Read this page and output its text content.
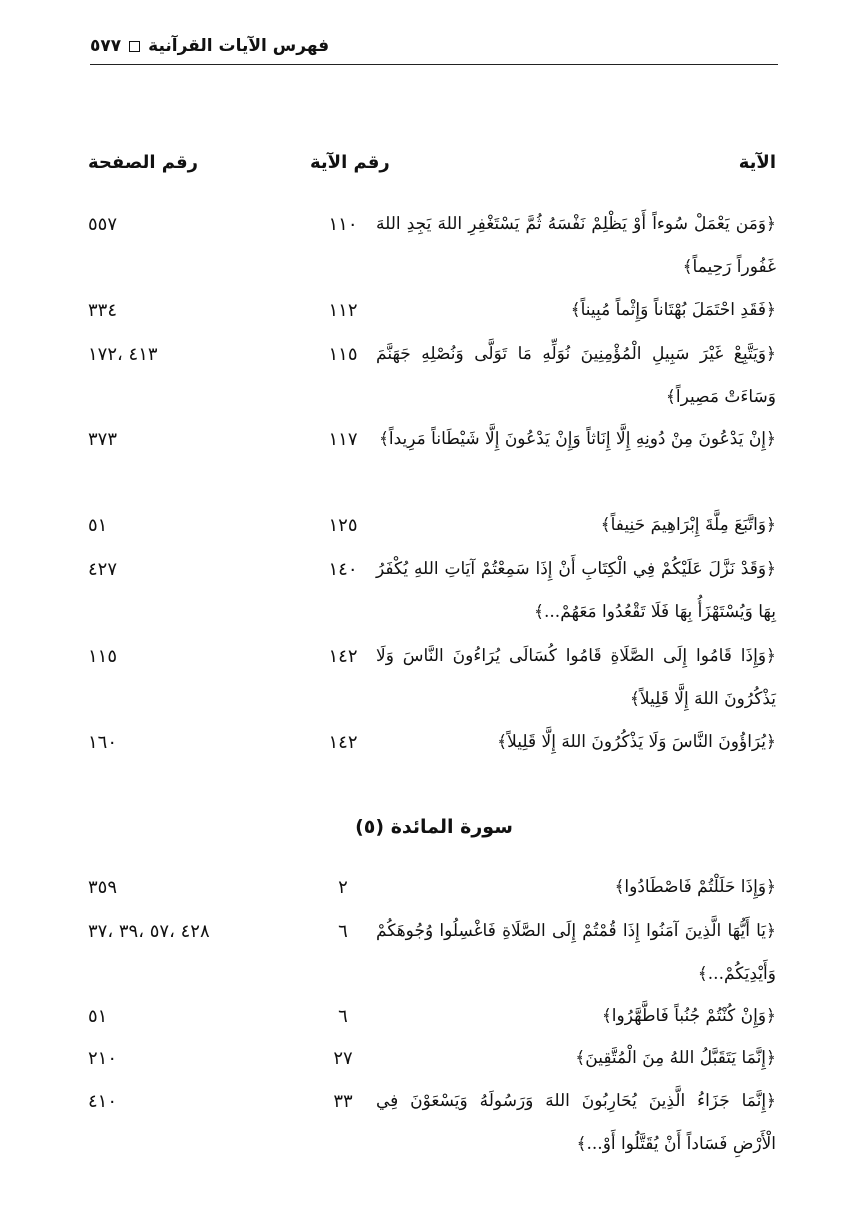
فهرس الآيات القرآنية٥٧٧
الآية
رقم الآية
رقم الصفحة
﴿وَمَن يَعْمَلْ سُوءاً أَوْ يَظْلِمْ نَفْسَهُ ثُمَّ يَسْتَغْفِرِ اللهَ يَجِدِ اللهَ غَفُوراً رَحِيماً﴾
١١٠
٥٥٧
﴿فَقَدِ احْتَمَلَ بُهْتَاناً وَإِثْماً مُبِيناً﴾
١١٢
٣٣٤
﴿وَيَتَّبِعْ غَيْرَ سَبِيلِ الْمُؤْمِنِينَ نُوَلِّهِ مَا تَوَلَّى وَنُصْلِهِ جَهَنَّمَ وَسَاءَتْ مَصِيراً﴾
١١٥
٤١٣ ،١٧٢
﴿إِنْ يَدْعُونَ مِنْ دُونِهِ إِلَّا إِنَاثاً وَإِنْ يَدْعُونَ إِلَّا شَيْطَاناً مَرِيداً﴾
١١٧
٣٧٣
﴿وَاتَّبَعَ مِلَّةَ إِبْرَاهِيمَ حَنِيفاً﴾
١٢٥
٥١
﴿وَقَدْ نَزَّلَ عَلَيْكُمْ فِي الْكِتَابِ أَنْ إِذَا سَمِعْتُمْ آيَاتِ اللهِ يُكْفَرُ بِهَا وَيُسْتَهْزَأُ بِهَا فَلَا تَقْعُدُوا مَعَهُمْ...﴾
١٤٠
٤٢٧
﴿وَإِذَا قَامُوا إِلَى الصَّلَاةِ قَامُوا كُسَالَى يُرَاءُونَ النَّاسَ وَلَا يَذْكُرُونَ اللهَ إِلَّا قَلِيلاً﴾
١٤٢
١١٥
﴿يُرَاؤُونَ النَّاسَ وَلَا يَذْكُرُونَ اللهَ إِلَّا قَلِيلاً﴾
١٤٢
١٦٠
سورة المائدة (٥)
﴿وَإِذَا حَلَلْتُمْ فَاصْطَادُوا﴾
٢
٣٥٩
﴿يَا أَيُّهَا الَّذِينَ آمَنُوا إِذَا قُمْتُمْ إِلَى الصَّلَاةِ فَاغْسِلُوا وُجُوهَكُمْ وَأَيْدِيَكُمْ...﴾
٦
٤٢٨ ،٥٧ ،٣٩ ،٣٧
﴿وَإِنْ كُنْتُمْ جُنُباً فَاطَّهَّرُوا﴾
٦
٥١
﴿إِنَّمَا يَتَقَبَّلُ اللهُ مِنَ الْمُتَّقِينَ﴾
٢٧
٢١٠
﴿إِنَّمَا جَزَاءُ الَّذِينَ يُحَارِبُونَ اللهَ وَرَسُولَهُ وَيَسْعَوْنَ فِي الْأَرْضِ فَسَاداً أَنْ يُقَتَّلُوا أَوْ...﴾
٣٣
٤١٠
